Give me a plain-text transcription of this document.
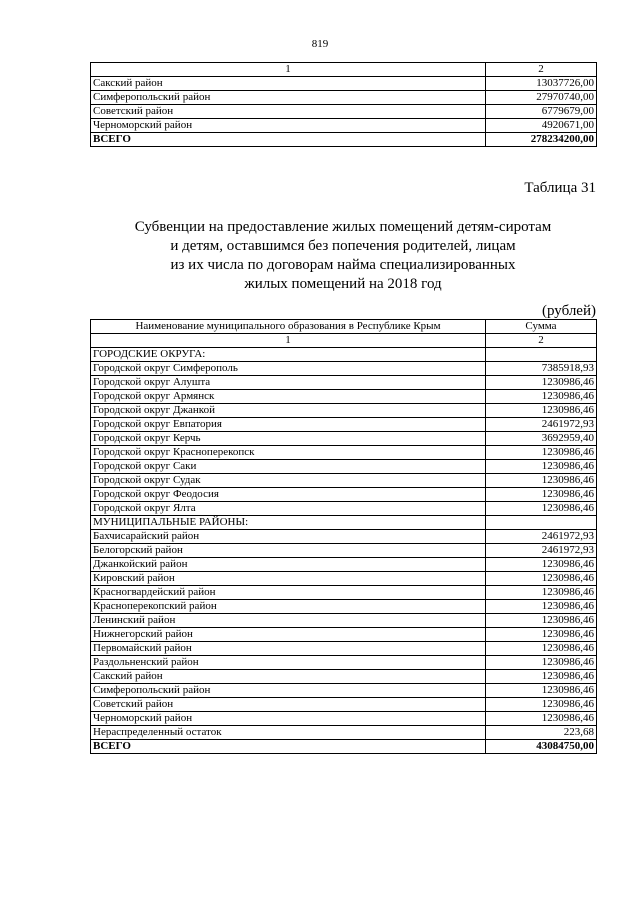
819
1	2
Сакский район	13037726,00
Симферопольский район	27970740,00
Советский район	6779679,00
Черноморский район	4920671,00
ВСЕГО	278234200,00
Таблица 31
Субвенции на предоставление жилых помещений детям-сиротам
и детям, оставшимся без попечения родителей, лицам
из их числа по договорам найма специализированных
жилых помещений на 2018 год
(рублей)
Наименование муниципального образования в Республике Крым	Сумма
1	2
ГОРОДСКИЕ ОКРУГА:	
Городской округ Симферополь	7385918,93
Городской округ Алушта	1230986,46
Городской округ Армянск	1230986,46
Городской округ Джанкой	1230986,46
Городской округ Евпатория	2461972,93
Городской округ Керчь	3692959,40
Городской округ Красноперекопск	1230986,46
Городской округ Саки	1230986,46
Городской округ Судак	1230986,46
Городской округ Феодосия	1230986,46
Городской округ Ялта	1230986,46
МУНИЦИПАЛЬНЫЕ РАЙОНЫ:	
Бахчисарайский район	2461972,93
Белогорский район	2461972,93
Джанкойский район	1230986,46
Кировский район	1230986,46
Красногвардейский район	1230986,46
Красноперекопский район	1230986,46
Ленинский район	1230986,46
Нижнегорский район	1230986,46
Первомайский район	1230986,46
Раздольненский район	1230986,46
Сакский район	1230986,46
Симферопольский район	1230986,46
Советский район	1230986,46
Черноморский район	1230986,46
Нераспределенный остаток	223,68
ВСЕГО	43084750,00
